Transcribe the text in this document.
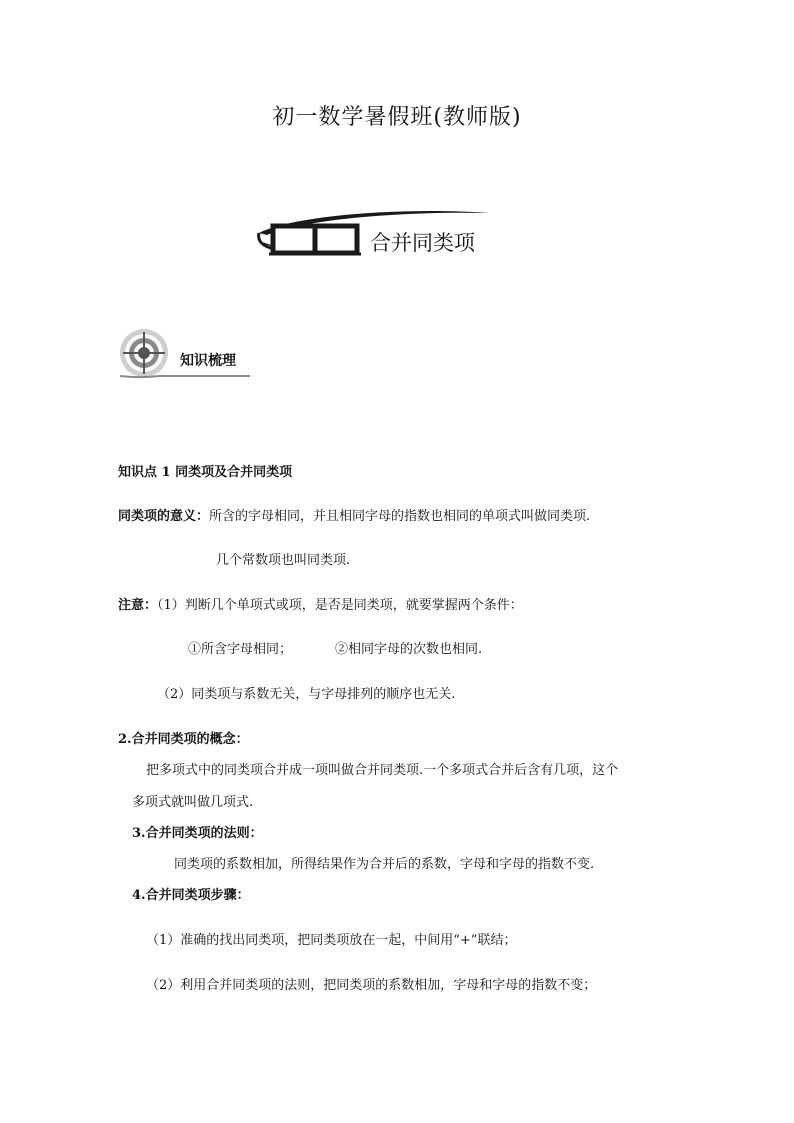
初一数学暑假班(教师版)
合并同类项
知识梳理
知识点 1 同类项及合并同类项
同类项的意义：所含的字母相同，并且相同字母的指数也相同的单项式叫做同类项.
几个常数项也叫同类项.
注意：（1）判断几个单项式或项，是否是同类项，就要掌握两个条件：
①所含字母相同；	②相同字母的次数也相同.
（2）同类项与系数无关，与字母排列的顺序也无关.
2.合并同类项的概念：
把多项式中的同类项合并成一项叫做合并同类项.一个多项式合并后含有几项，这个
多项式就叫做几项式.
3.合并同类项的法则：
同类项的系数相加，所得结果作为合并后的系数，字母和字母的指数不变.
4.合并同类项步骤：
（1）准确的找出同类项，把同类项放在一起，中间用“+”联结；
（2）利用合并同类项的法则，把同类项的系数相加，字母和字母的指数不变；
